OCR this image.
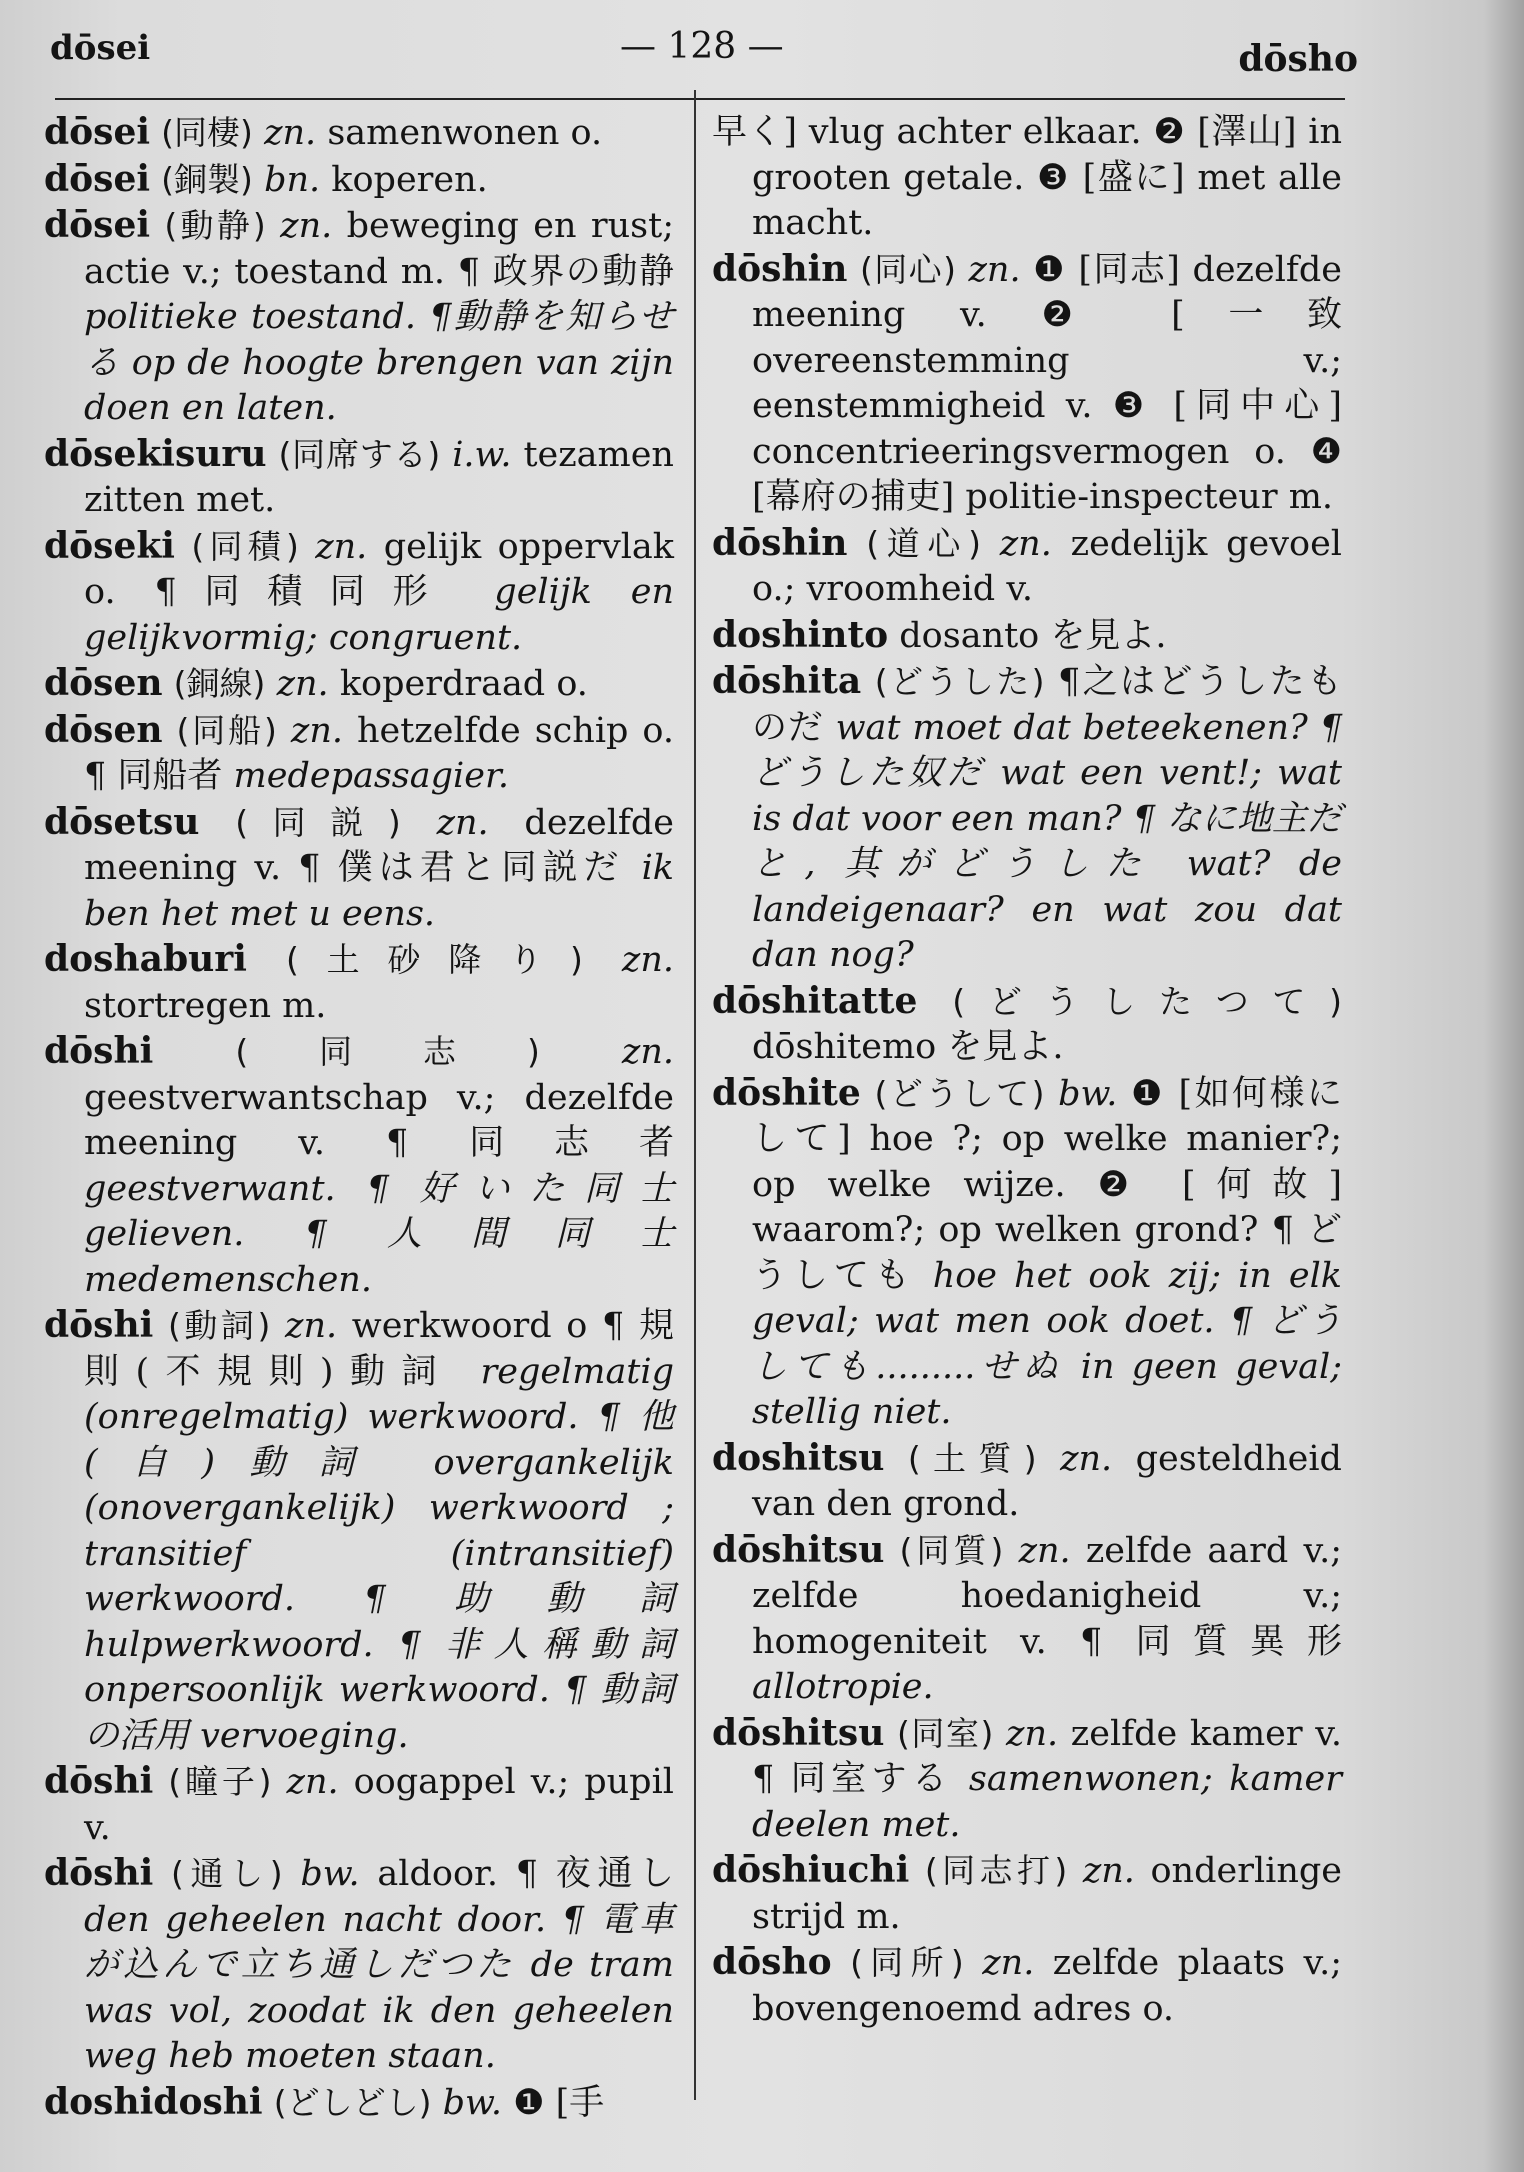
dōsei	— 128 —	dōsho

dōsei (同棲) zn. samenwonen o.

dōsei (銅製) bn. koperen.

dōsei (動静) zn. beweging en rust; actie v.; toestand m. ¶ 政界の動静 politieke toestand. ¶動静を知らせる op de hoogte brengen van zijn doen en laten.

dōsekisuru (同席する) i.w. tezamen zitten met.

dōseki (同積) zn. gelijk oppervlak o. ¶同積同形 gelijk en gelijkvormig; congruent.

dōsen (銅線) zn. koperdraad o.

dōsen (同船) zn. hetzelfde schip o. ¶ 同船者 medepassagier.

dōsetsu (同説) zn. dezelfde meening v. ¶ 僕は君と同説だ ik ben het met u eens.

doshaburi (土砂降り) zn. stortregen m.

dōshi (同志) zn. geestverwantschap v.; dezelfde meening v. ¶ 同志者 geestverwant. ¶ 好いた同士 gelieven. ¶ 人間同士 medemenschen.

dōshi (動詞) zn. werkwoord o ¶ 規則(不規則)動詞 regelmatig (onregelmatig) werkwoord. ¶ 他(自)動詞 overgankelijk (onovergankelijk) werkwoord ; transitief (intransitief) werkwoord. ¶ 助動詞 hulpwerkwoord. ¶ 非人稱動詞 onpersoonlijk werkwoord. ¶ 動詞の活用 vervoeging.

dōshi (瞳子) zn. oogappel v.; pupil v.

dōshi (通し) bw. aldoor. ¶ 夜通し den geheelen nacht door. ¶ 電車が込んで立ち通しだつた de tram was vol, zoodat ik den geheelen weg heb moeten staan.

doshidoshi (どしどし) bw. ❶ [手

早く] vlug achter elkaar. ❷ [澤山] in grooten getale. ❸ [盛に] met alle macht.

dōshin (同心) zn. ❶ [同志] dezelfde meening v. ❷ [一致 overeenstemming v.; eenstemmigheid v. ❸ [同中心] concentrieeringsvermogen o. ❹ [幕府の捕吏] politie-inspecteur m.

dōshin (道心) zn. zedelijk gevoel o.; vroomheid v.

doshinto dosanto を見よ.

dōshita (どうした) ¶之はどうしたものだ wat moet dat beteekenen? ¶ どうした奴だ wat een vent!; wat is dat voor een man? ¶ なに地主だと, 其がどうした wat? de landeigenaar? en wat zou dat dan nog?

dōshitatte (どうしたつて) dōshitemo を見よ.

dōshite (どうして) bw. ❶ [如何様にして] hoe ?; op welke manier?; op welke wijze. ❷ [何故] waarom?; op welken grond? ¶ どうしても hoe het ook zij; in elk geval; wat men ook doet. ¶ どうしても.........せぬ in geen geval; stellig niet.

doshitsu (土質) zn. gesteldheid van den grond.

dōshitsu (同質) zn. zelfde aard v.; zelfde hoedanigheid v.; homogeniteit v. ¶ 同質異形 allotropie.

dōshitsu (同室) zn. zelfde kamer v. ¶ 同室する samenwonen; kamer deelen met.

dōshiuchi (同志打) zn. onderlinge strijd m.

dōsho (同所) zn. zelfde plaats v.; bovengenoemd adres o.
